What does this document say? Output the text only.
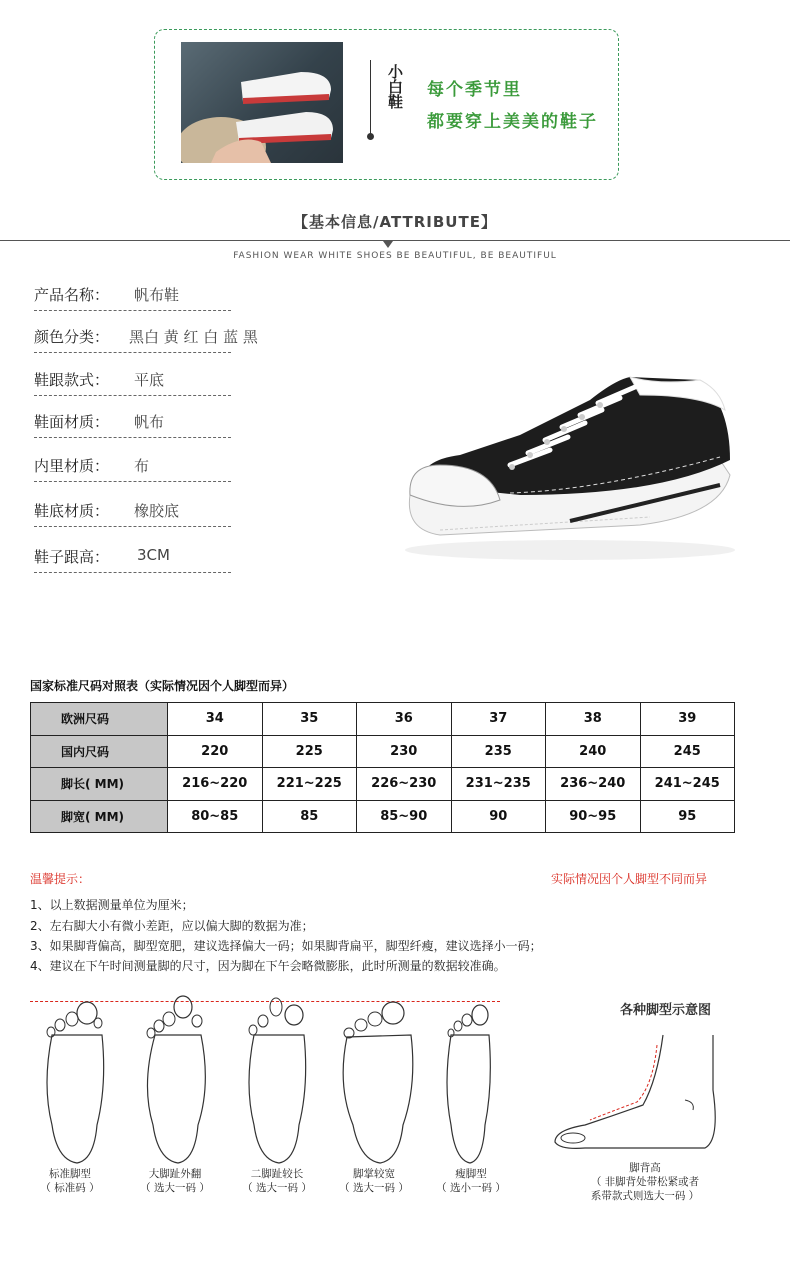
小白鞋 每个季节里
都要穿上美美的鞋子
【基本信息/ATTRIBUTE】
FASHION WEAR WHITE SHOES BE BEAUTIFUL, BE BEAUTIFUL
产品名称： 帆布鞋
颜色分类： 黑白 黄 红 白 蓝 黑
鞋跟款式： 平底
鞋面材质： 帆布
内里材质： 布
鞋底材质： 橡胶底
鞋子跟高： 3CM
国家标准尺码对照表（实际情况因个人脚型而异）
欧洲尺码	34	35	36	37	38	39
国内尺码	220	225	230	235	240	245
脚长( MM)	216~220	221~225	226~230	231~235	236~240	241~245
脚宽( MM)	80~85	85	85~90	90	90~95	95
温馨提示：	实际情况因个人脚型不同而异
1、以上数据测量单位为厘米；
2、左右脚大小有微小差距，应以偏大脚的数据为准；
3、如果脚背偏高，脚型宽肥，建议选择偏大一码；如果脚背扁平，脚型纤瘦，建议选择小一码；
4、建议在下午时间测量脚的尺寸，因为脚在下午会略微膨胀，此时所测量的数据较准确。
标准脚型
（ 标准码 ）
大脚趾外翻
（ 选大一码 ）
二脚趾较长
（ 选大一码 ）
脚掌较宽
（ 选大一码 ）
瘦脚型
（ 选小一码 ）
各种脚型示意图
脚背高
（ 非脚背处带松紧或者
系带款式则选大一码 ）
